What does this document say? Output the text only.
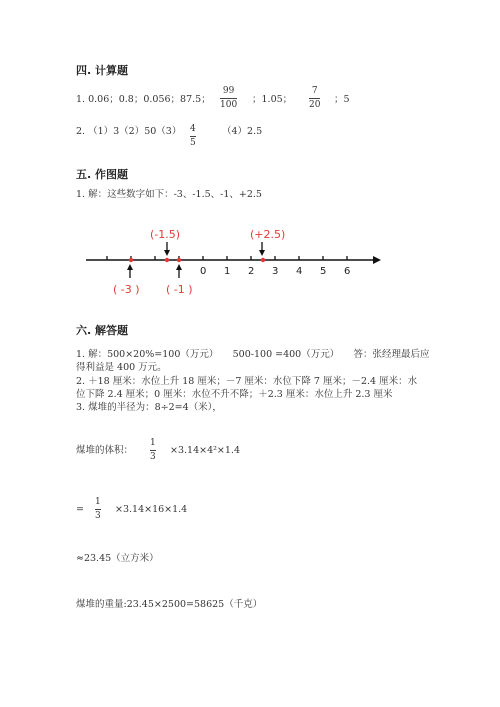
四. 计算题
1. 0.06；0.8；0.056；87.5；
99
100 ；1.05；
7
20 ；5
2. （1）3（2）50（3） 4
5
（4）2.5
五. 作图题
1. 解：这些数字如下：-3、-1.5、-1、+2.5
0 1 2 3 4 5 6
(-1.5)	(+2.5)
( -3 ) ( -1 )
六. 解答题
1. 解：500×20%=100（万元）　　500-100 =400（万元）　　答：张经理最后应
得利益是 400 万元。
2. ＋18 厘米：水位上升 18 厘米；－7 厘米：水位下降 7 厘米；－2.4 厘米：水
位下降 2.4 厘米；0 厘米：水位不升不降；＋2.3 厘米：水位上升 2.3 厘米
3. 煤堆的半径为：8÷2=4（米），
煤堆的体积：
1
3
×3.14×4²×1.4
=
1
3
×3.14×16×1.4
≈23.45（立方米）
煤堆的重量:23.45×2500=58625（千克）
